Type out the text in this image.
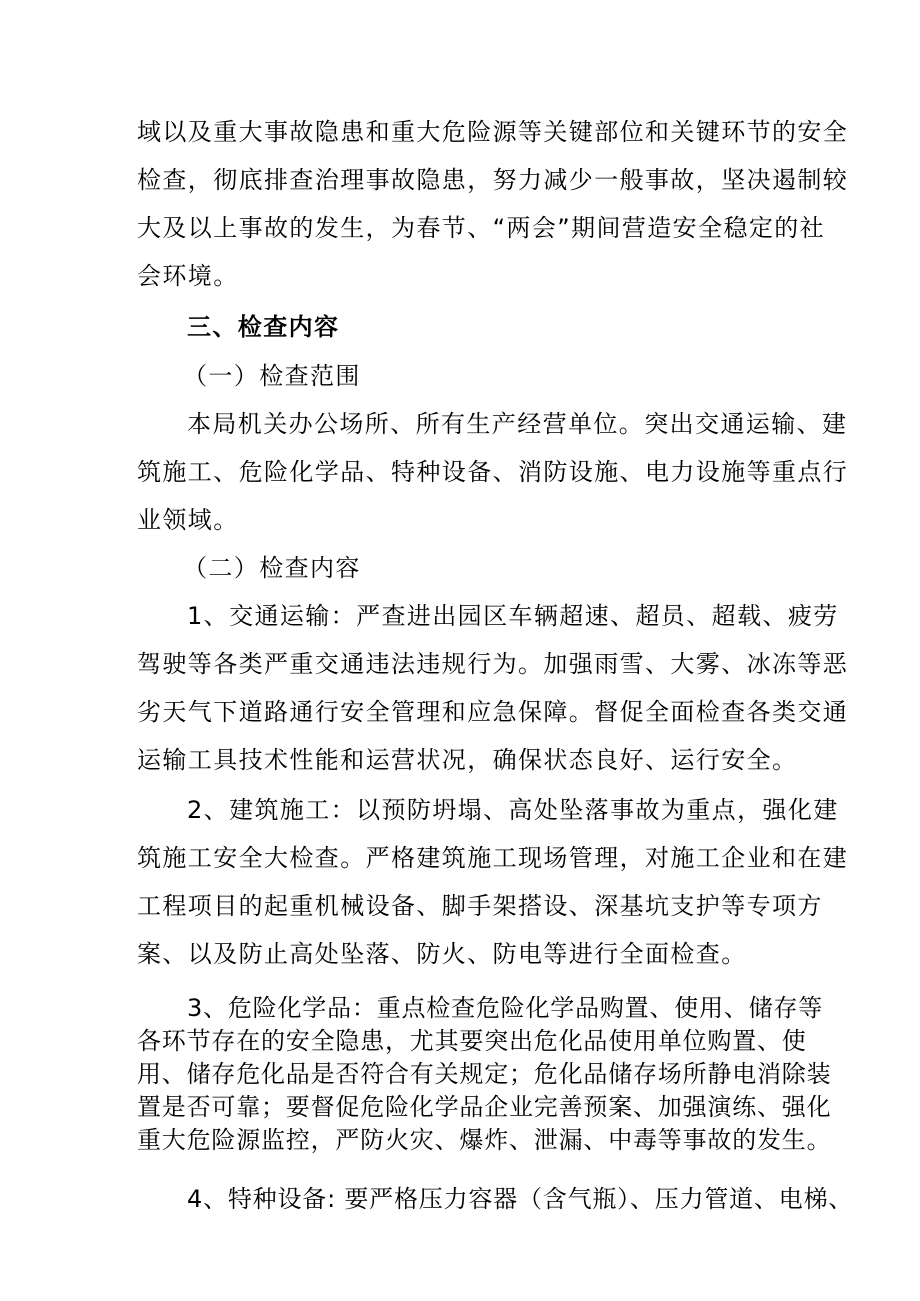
域以及重大事故隐患和重大危险源等关键部位和关键环节的安全

检查，彻底排查治理事故隐患，努力减少一般事故，坚决遏制较

大及以上事故的发生，为春节、“两会”期间营造安全稳定的社

会环境。

三、检查内容

（一）检查范围

本局机关办公场所、所有生产经营单位。突出交通运输、建

筑施工、危险化学品、特种设备、消防设施、电力设施等重点行

业领域。

（二）检查内容

1、交通运输：严查进出园区车辆超速、超员、超载、疲劳

驾驶等各类严重交通违法违规行为。加强雨雪、大雾、冰冻等恶

劣天气下道路通行安全管理和应急保障。督促全面检查各类交通

运输工具技术性能和运营状况，确保状态良好、运行安全。

2、建筑施工：以预防坍塌、高处坠落事故为重点，强化建

筑施工安全大检查。严格建筑施工现场管理，对施工企业和在建

工程项目的起重机械设备、脚手架搭设、深基坑支护等专项方

案、以及防止高处坠落、防火、防电等进行全面检查。

3、危险化学品：重点检查危险化学品购置、使用、储存等

各环节存在的安全隐患，尤其要突出危化品使用单位购置、使

用、储存危化品是否符合有关规定；危化品储存场所静电消除装

置是否可靠；要督促危险化学品企业完善预案、加强演练、强化

重大危险源监控，严防火灾、爆炸、泄漏、中毒等事故的发生。

4、特种设备: 要严格压力容器（含气瓶）、压力管道、电梯、
